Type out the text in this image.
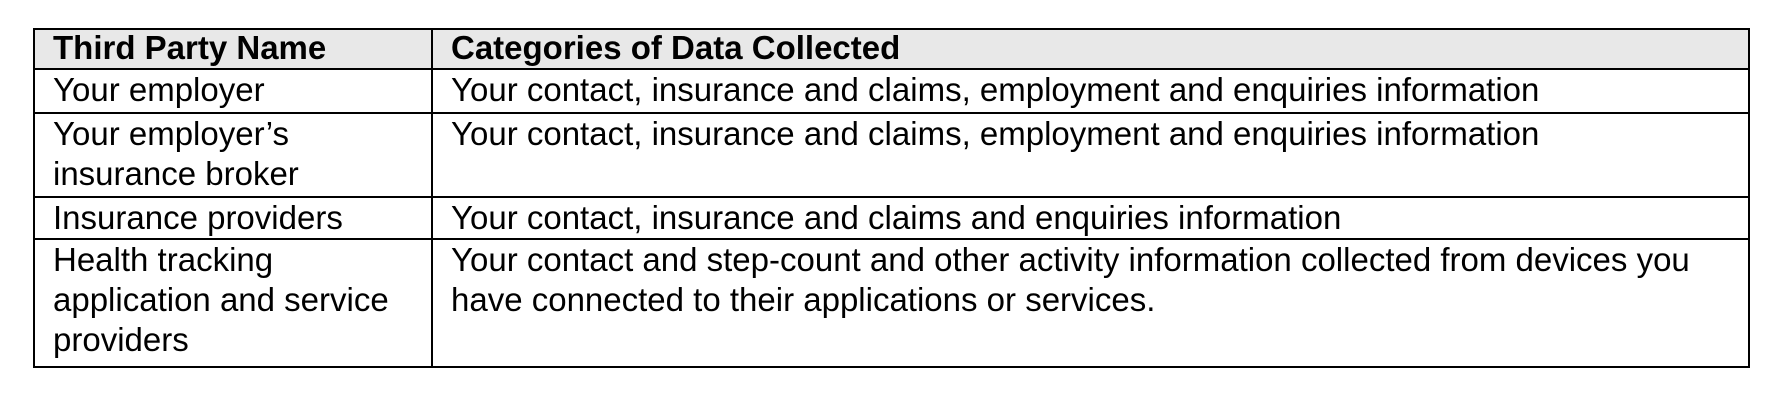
Third Party Name	Categories of Data Collected
Your employer	Your contact, insurance and claims, employment and enquiries information
Your employer’s insurance broker	Your contact, insurance and claims, employment and enquiries information
Insurance providers	Your contact, insurance and claims and enquiries information
Health tracking application and service providers	Your contact and step-count and other activity information collected from devices you have connected to their applications or services.
